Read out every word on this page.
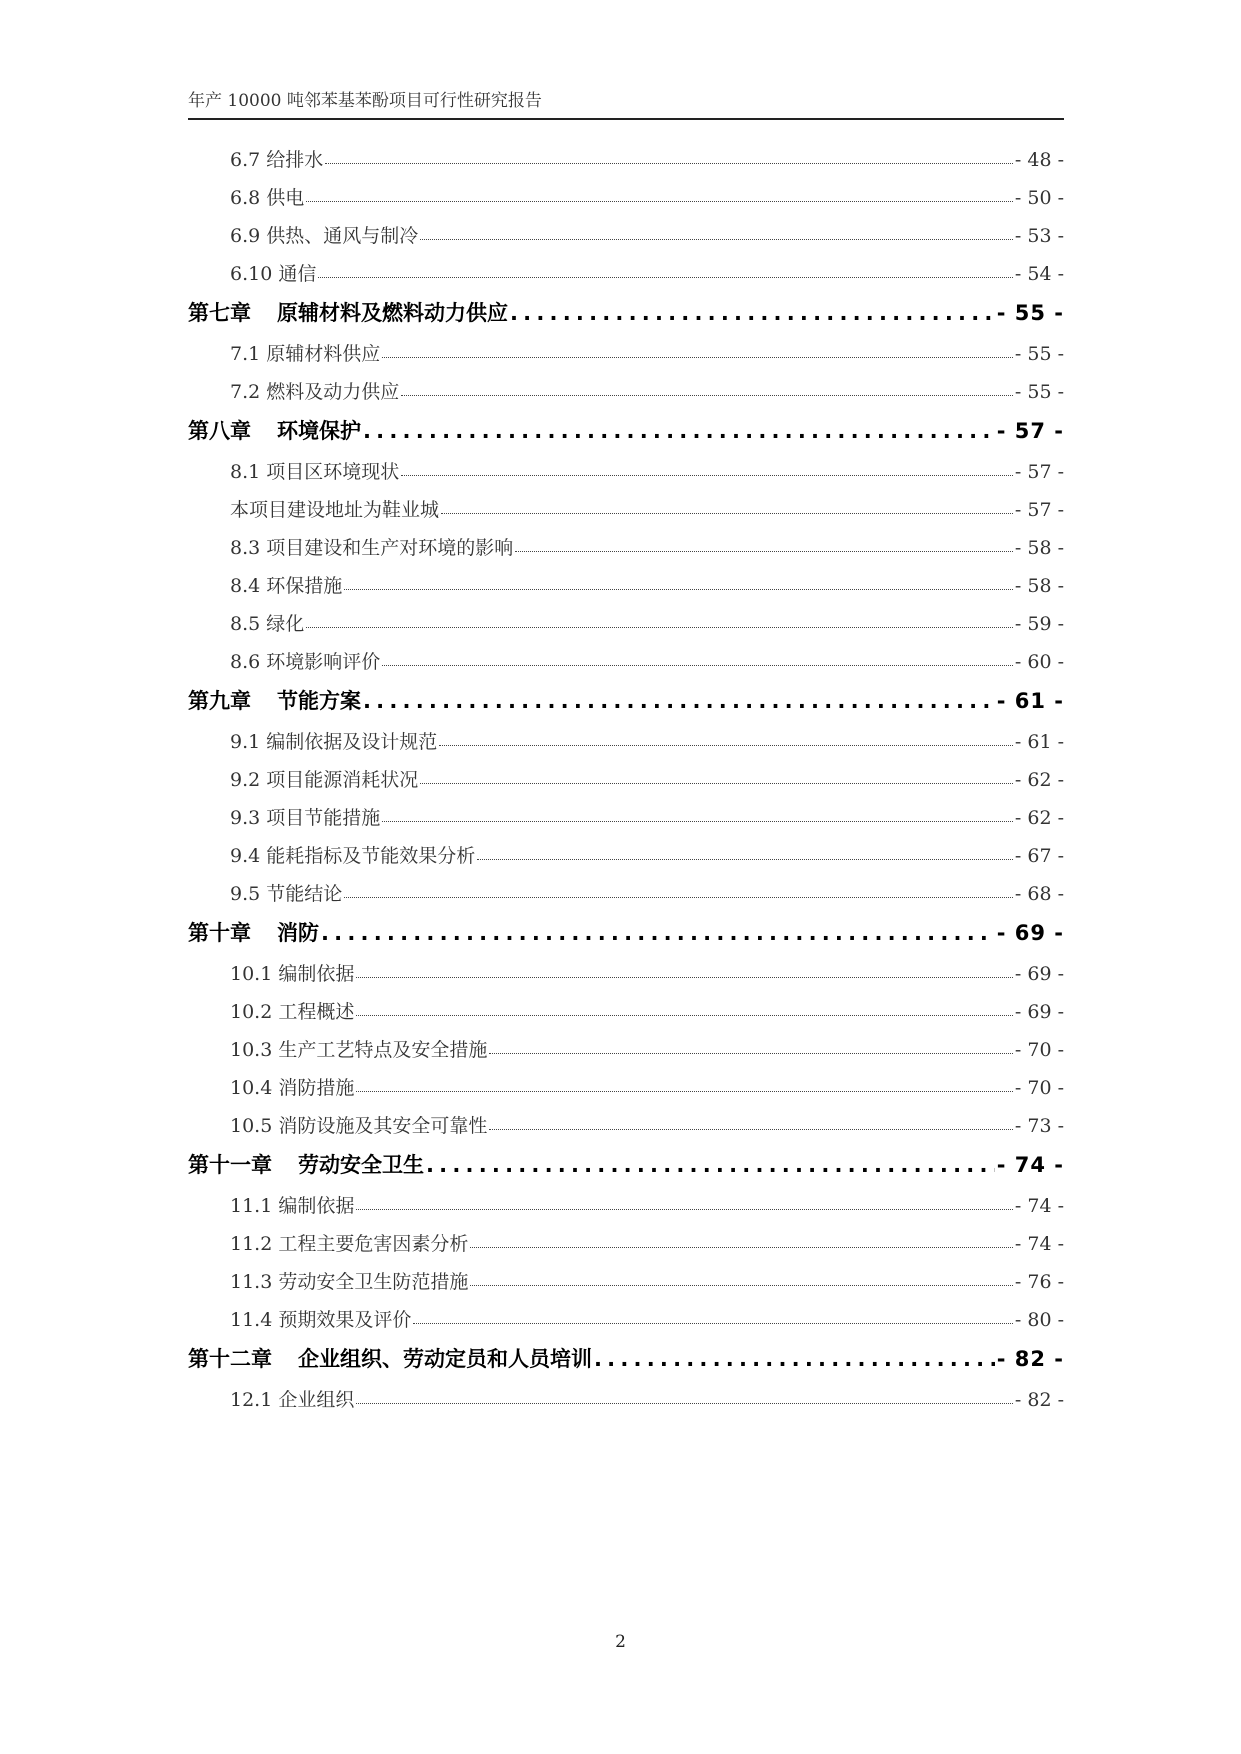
年产 10000 吨邻苯基苯酚项目可行性研究报告
6.7 给排水	- 48 -
6.8 供电	- 50 -
6.9 供热、通风与制冷	- 53 -
6.10 通信	- 54 -
第七章 原辅材料及燃料动力供应 .....	- 55 -
7.1 原辅材料供应	- 55 -
7.2 燃料及动力供应	- 55 -
第八章 环境保护 .....	- 57 -
8.1 项目区环境现状	- 57 -
本项目建设地址为鞋业城	- 57 -
8.3 项目建设和生产对环境的影响	- 58 -
8.4 环保措施	- 58 -
8.5 绿化	- 59 -
8.6 环境影响评价	- 60 -
第九章 节能方案 .....	- 61 -
9.1 编制依据及设计规范	- 61 -
9.2 项目能源消耗状况	- 62 -
9.3 项目节能措施	- 62 -
9.4 能耗指标及节能效果分析	- 67 -
9.5 节能结论	- 68 -
第十章 消防 .....	- 69 -
10.1 编制依据	- 69 -
10.2 工程概述	- 69 -
10.3 生产工艺特点及安全措施	- 70 -
10.4 消防措施	- 70 -
10.5 消防设施及其安全可靠性	- 73 -
第十一章 劳动安全卫生 .....	- 74 -
11.1 编制依据	- 74 -
11.2 工程主要危害因素分析	- 74 -
11.3 劳动安全卫生防范措施	- 76 -
11.4 预期效果及评价	- 80 -
第十二章 企业组织、劳动定员和人员培训 .....	- 82 -
12.1 企业组织	- 82 -
2
